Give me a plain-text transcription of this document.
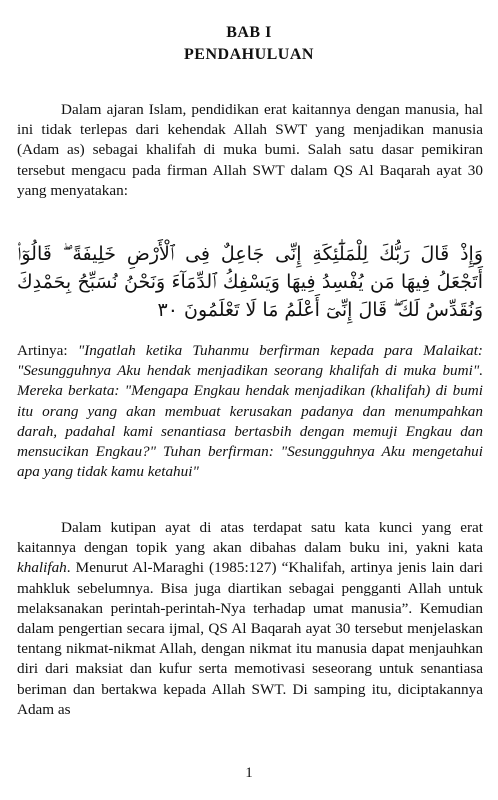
BAB I
PENDAHULUAN
Dalam ajaran Islam, pendidikan erat kaitannya dengan manusia, hal ini tidak terlepas dari kehendak Allah SWT yang menjadikan manusia (Adam as) sebagai khalifah di muka bumi. Salah satu dasar pemikiran tersebut mengacu pada firman Allah SWT dalam QS Al Baqarah ayat 30 yang menyatakan:
وَإِذْ قَالَ رَبُّكَ لِلْمَلَٰٓئِكَةِ إِنِّى جَاعِلٌ فِى ٱلْأَرْضِ خَلِيفَةً ۖ قَالُوٓا۟ أَتَجْعَلُ فِيهَا مَن يُفْسِدُ فِيهَا وَيَسْفِكُ ٱلدِّمَآءَ وَنَحْنُ نُسَبِّحُ بِحَمْدِكَ وَنُقَدِّسُ لَكَ ۖ قَالَ إِنِّىٓ أَعْلَمُ مَا لَا تَعْلَمُونَ ٣٠
Artinya: "Ingatlah ketika Tuhanmu berfirman kepada para Malaikat: "Sesungguhnya Aku hendak menjadikan seorang khalifah di muka bumi". Mereka berkata: "Mengapa Engkau hendak menjadikan (khalifah) di bumi itu orang yang akan membuat kerusakan padanya dan menumpahkan darah, padahal kami senantiasa bertasbih dengan memuji Engkau dan mensucikan Engkau?" Tuhan berfirman: "Sesungguhnya Aku mengetahui apa yang tidak kamu ketahui"
Dalam kutipan ayat di atas terdapat satu kata kunci yang erat kaitannya dengan topik yang akan dibahas dalam buku ini, yakni kata khalifah. Menurut Al-Maraghi (1985:127) “Khalifah, artinya jenis lain dari mahkluk sebelumnya. Bisa juga diartikan sebagai pengganti Allah untuk melaksanakan perintah-perintah-Nya terhadap umat manusia”. Kemudian dalam pengertian secara ijmal, QS Al Baqarah ayat 30 tersebut menjelaskan tentang nikmat-nikmat Allah, dengan nikmat itu manusia dapat menjauhkan diri dari maksiat dan kufur serta memotivasi seseorang untuk senantiasa beriman dan bertakwa kepada Allah SWT. Di samping itu, diciptakannya Adam as
1
